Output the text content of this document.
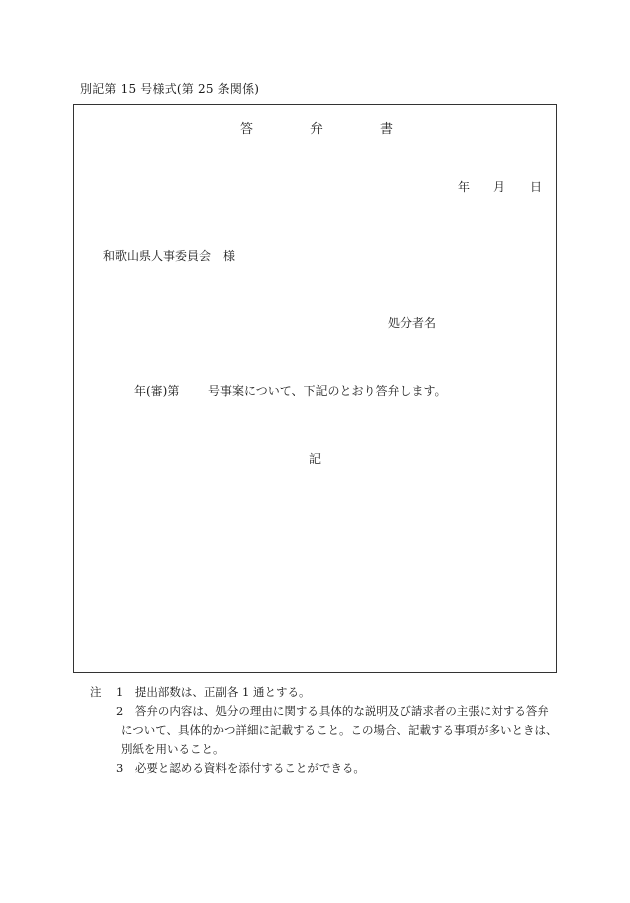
別記第 15 号様式(第 25 条関係)
答	弁	書
年 月 日
和歌山県人事委員会　様
処分者名
年(審)第 号事案について、下記のとおり答弁します。
記
注 1　提出部数は、正副各 1 通とする。
2　答弁の内容は、処分の理由に関する具体的な説明及び請求者の主張に対する答弁
について、具体的かつ詳細に記載すること。この場合、記載する事項が多いときは、
別紙を用いること。
3　必要と認める資料を添付することができる。
